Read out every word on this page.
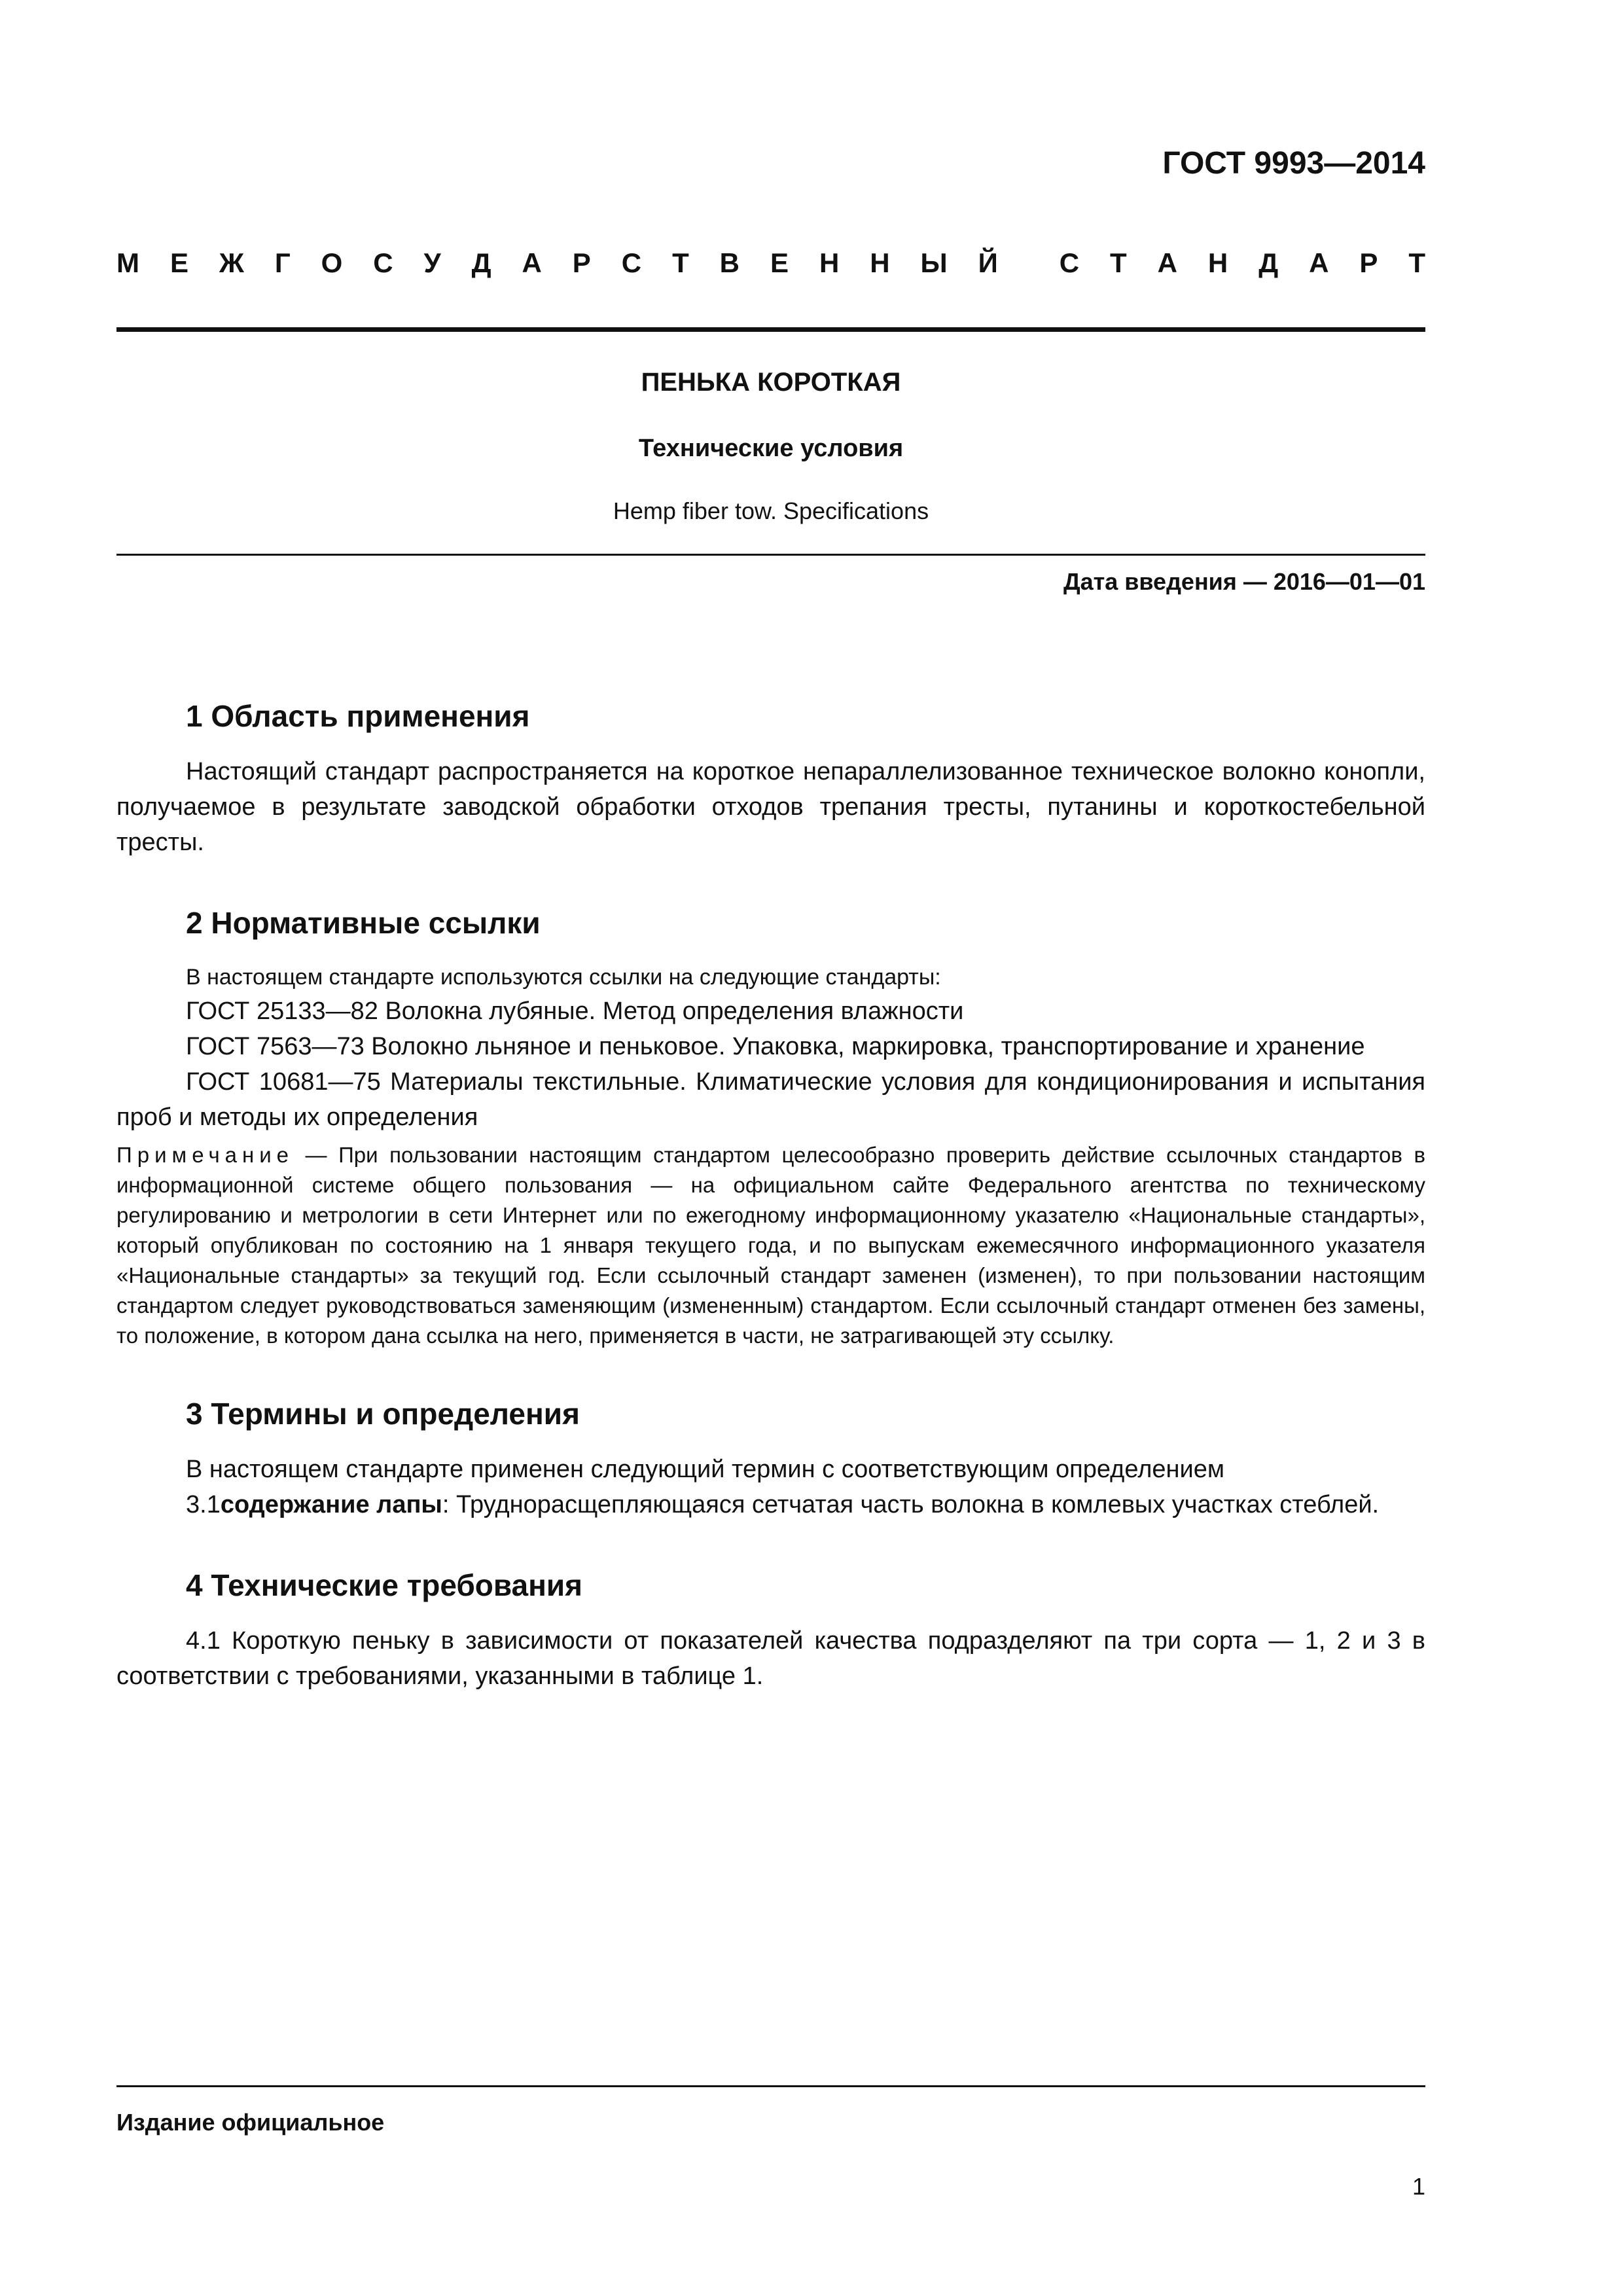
ГОСТ 9993—2014
М Е Ж Г О С У Д А Р С Т В Е Н Н Ы Й С Т А Н Д А Р Т
ПЕНЬКА КОРОТКАЯ
Технические условия
Hemp fiber tow. Specifications
Дата введения — 2016—01—01
1 Область применения

Настоящий стандарт распространяется на короткое непараллелизованное техническое волокно конопли, получаемое в результате заводской обработки отходов трепания тресты, путанины и короткостебельной тресты.

2 Нормативные ссылки

В настоящем стандарте используются ссылки на следующие стандарты:

ГОСТ 25133—82 Волокна лубяные. Метод определения влажности

ГОСТ 7563—73 Волокно льняное и пеньковое. Упаковка, маркировка, транспортирование и хранение

ГОСТ 10681—75 Материалы текстильные. Климатические условия для кондиционирования и испытания проб и методы их определения

Примечание — При пользовании настоящим стандартом целесообразно проверить действие ссылочных стандартов в информационной системе общего пользования — на официальном сайте Федерального агентства по техническому регулированию и метрологии в сети Интернет или по ежегодному информационному указателю «Национальные стандарты», который опубликован по состоянию на 1 января текущего года, и по выпускам ежемесячного информационного указателя «Национальные стандарты» за текущий год. Если ссылочный стандарт заменен (изменен), то при пользовании настоящим стандартом следует руководствоваться заменяющим (измененным) стандартом. Если ссылочный стандарт отменен без замены, то положение, в котором дана ссылка на него, применяется в части, не затрагивающей эту ссылку.
3 Термины и определения

В настоящем стандарте применен следующий термин с соответствующим определением

3.1содержание лапы: Труднорасщепляющаяся сетчатая часть волокна в комлевых участках стеблей.

4 Технические требования

4.1 Короткую пеньку в зависимости от показателей качества подразделяют па три сорта — 1, 2 и 3 в соответствии с требованиями, указанными в таблице 1.

Издание официальное
1
